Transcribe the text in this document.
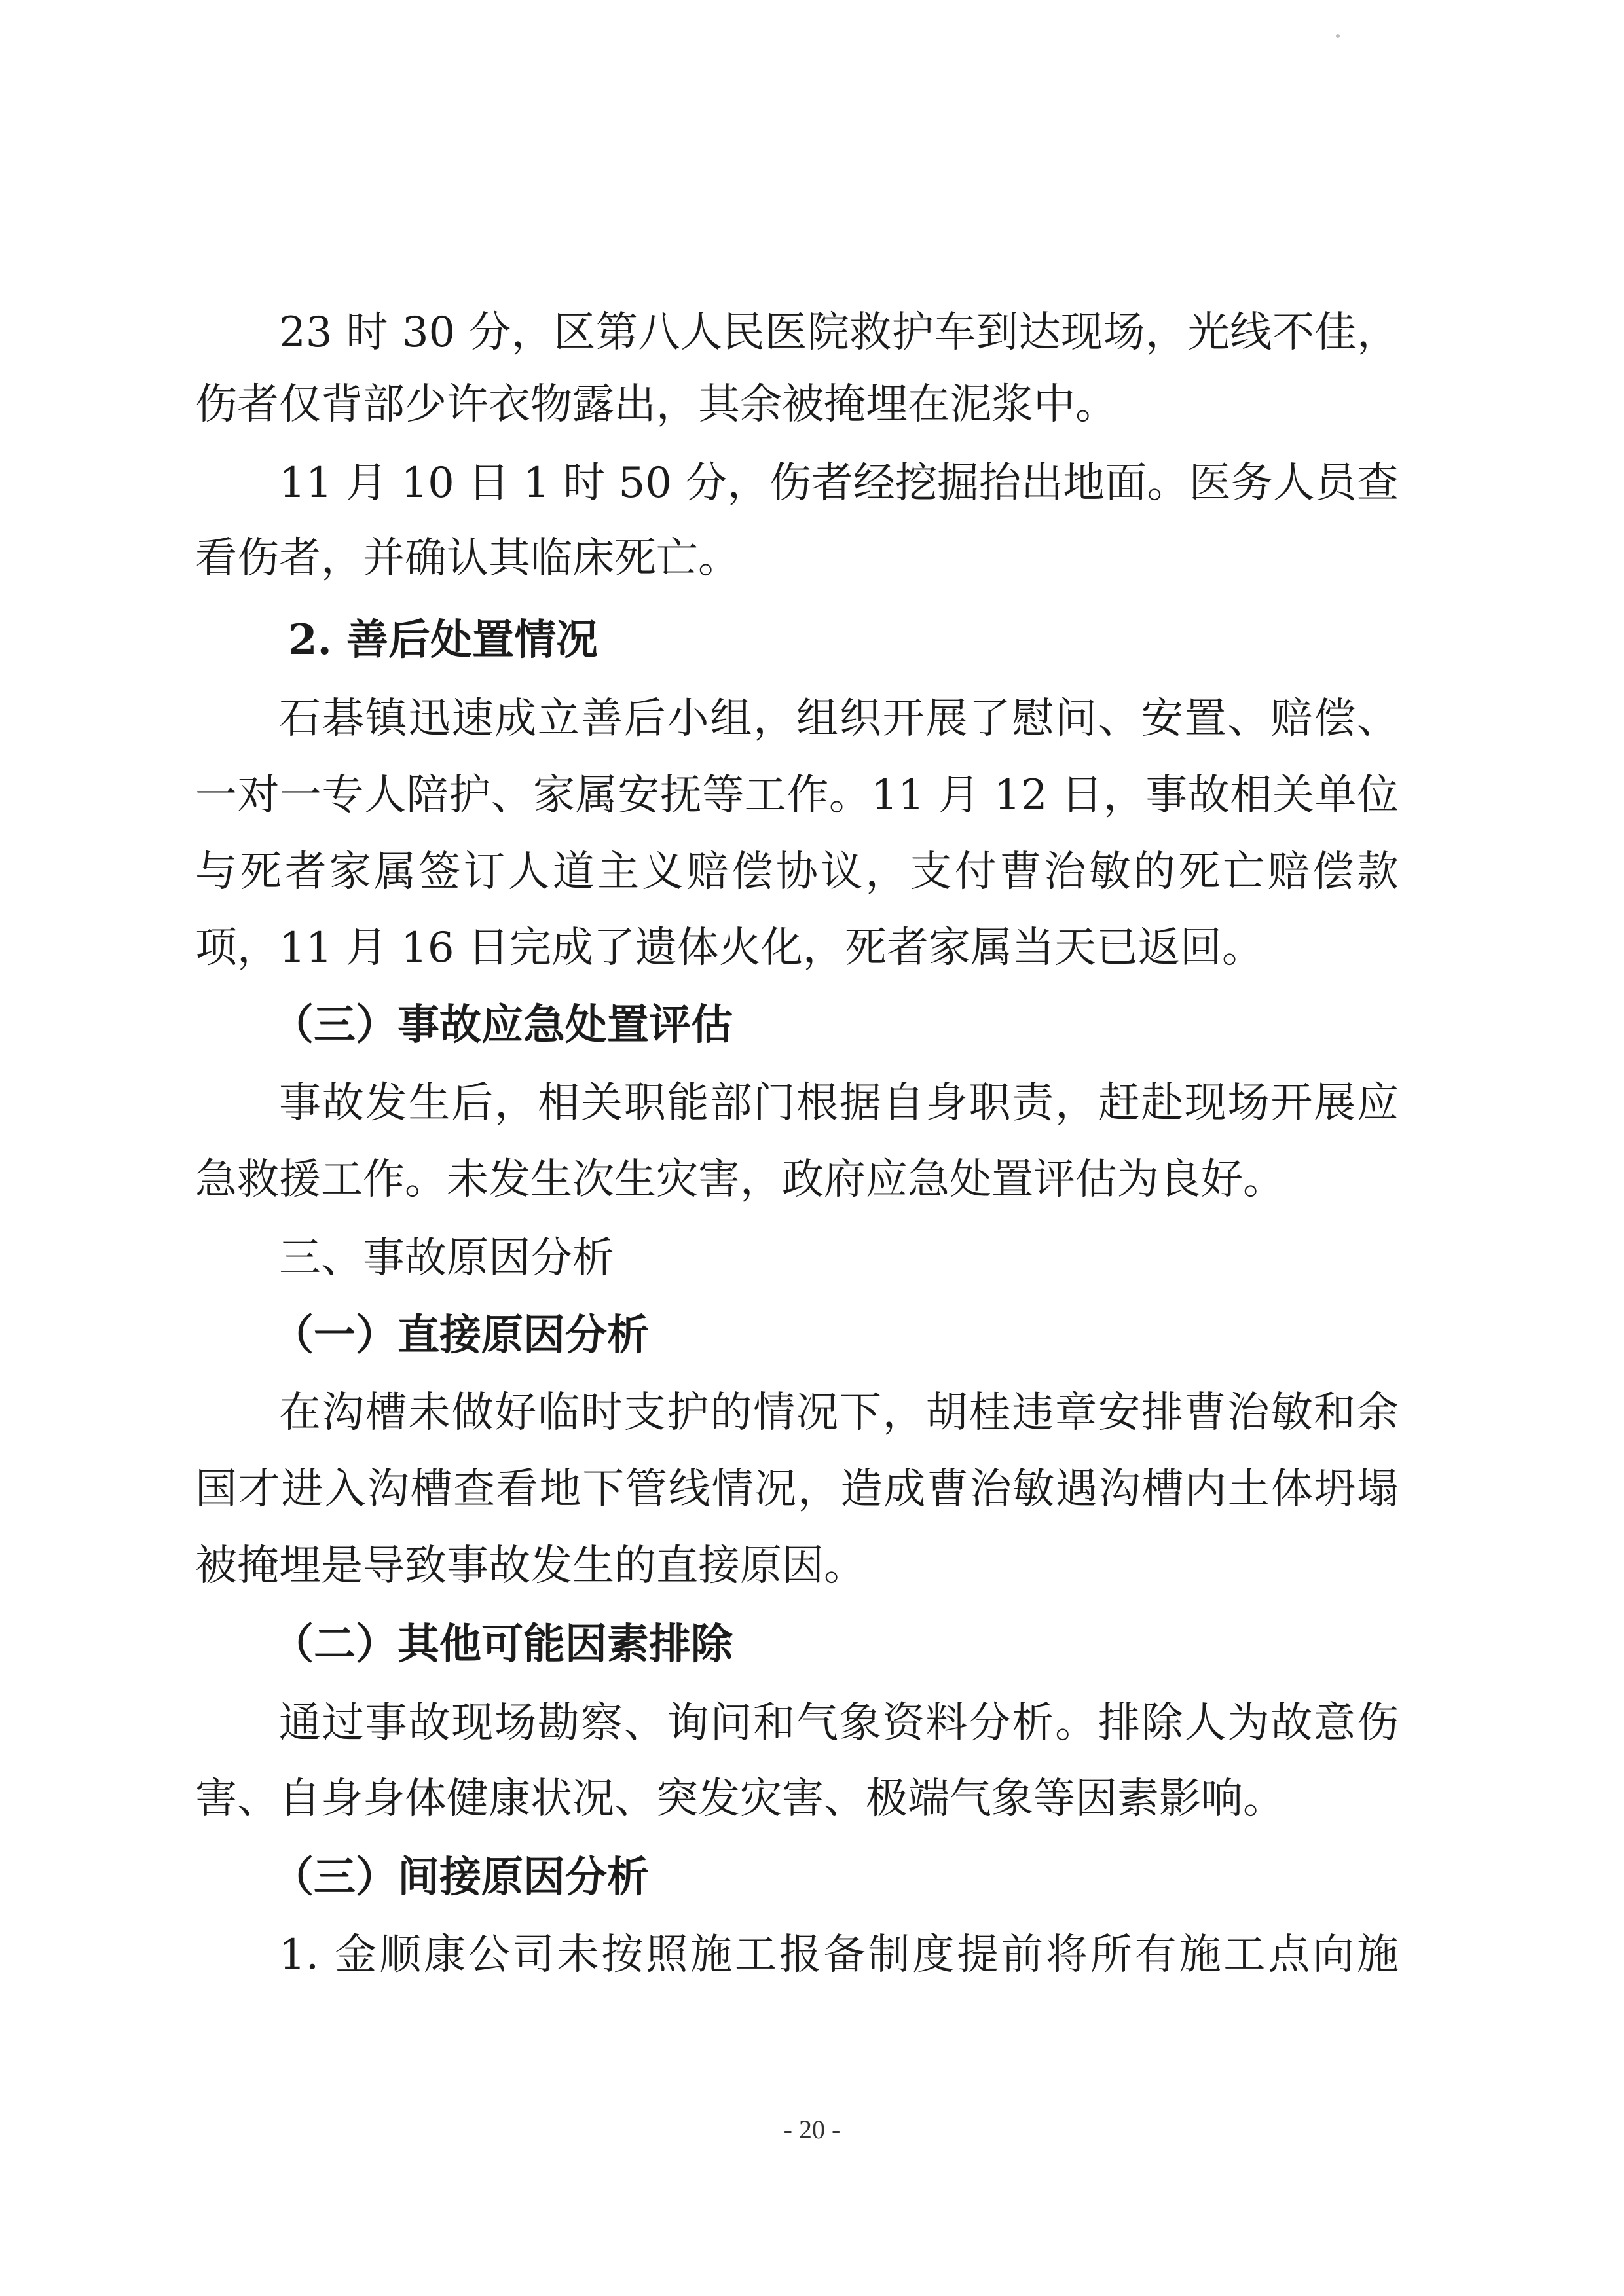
23 时 30 分，区第八人民医院救护车到达现场，光线不佳，
伤者仅背部少许衣物露出，其余被掩埋在泥浆中。
11 月 10 日 1 时 50 分，伤者经挖掘抬出地面。医务人员查
看伤者，并确认其临床死亡。
2. 善后处置情况
石碁镇迅速成立善后小组，组织开展了慰问、安置、赔偿、
一对一专人陪护、家属安抚等工作。11 月 12 日，事故相关单位
与死者家属签订人道主义赔偿协议，支付曹治敏的死亡赔偿款
项，11 月 16 日完成了遗体火化，死者家属当天已返回。
（三）事故应急处置评估
事故发生后，相关职能部门根据自身职责，赶赴现场开展应
急救援工作。未发生次生灾害，政府应急处置评估为良好。
三、事故原因分析
（一）直接原因分析
在沟槽未做好临时支护的情况下，胡桂违章安排曹治敏和余
国才进入沟槽查看地下管线情况，造成曹治敏遇沟槽内土体坍塌
被掩埋是导致事故发生的直接原因。
（二）其他可能因素排除
通过事故现场勘察、询问和气象资料分析。排除人为故意伤
害、自身身体健康状况、突发灾害、极端气象等因素影响。
（三）间接原因分析
1. 金顺康公司未按照施工报备制度提前将所有施工点向施
- 20 -
